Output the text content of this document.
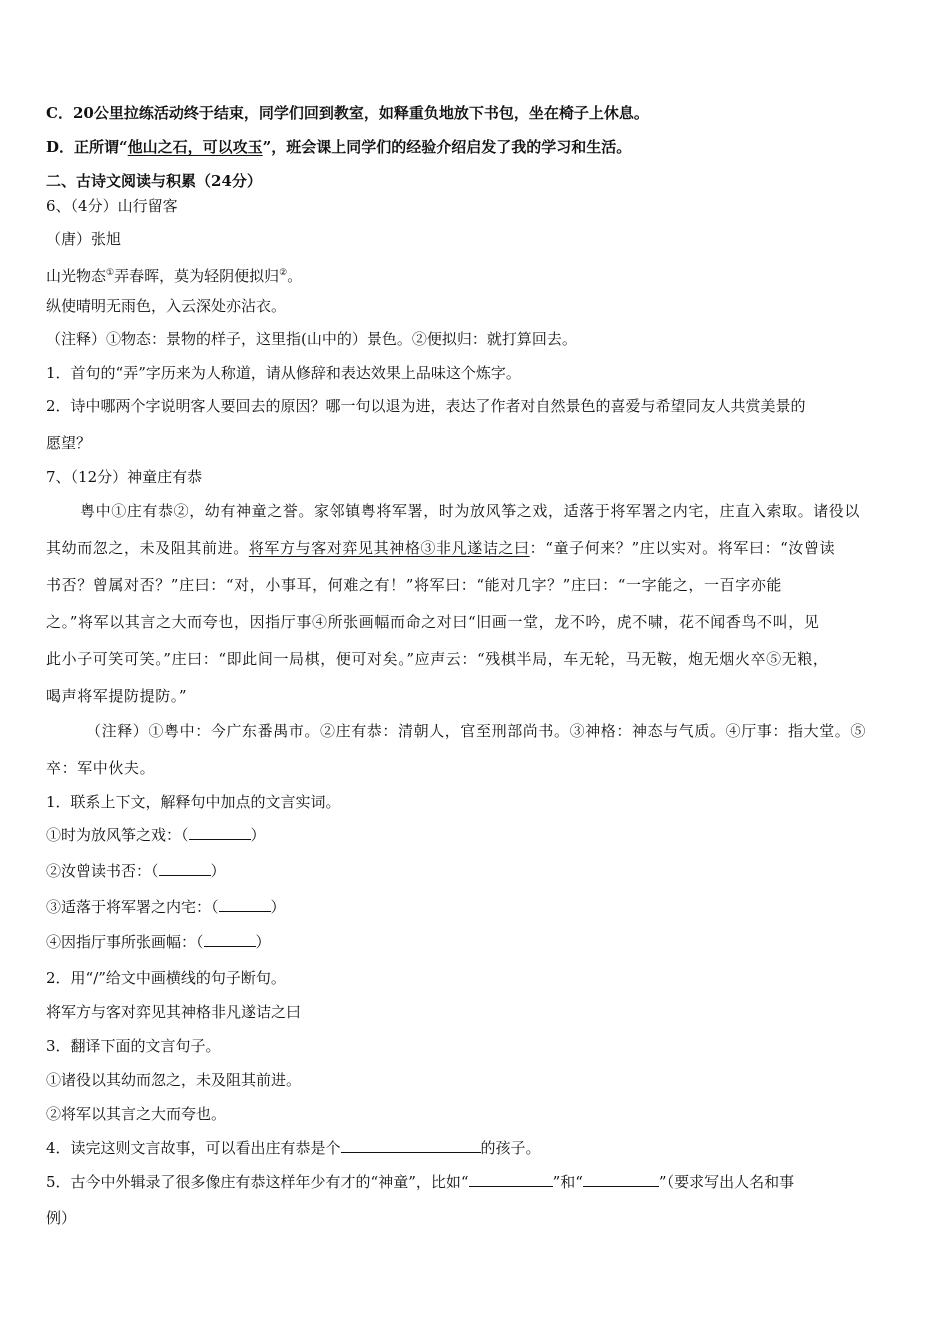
C．20公里拉练活动终于结束，同学们回到教室，如释重负地放下书包，坐在椅子上休息。
D．正所谓“他山之石，可以攻玉”，班会课上同学们的经验介绍启发了我的学习和生活。
二、古诗文阅读与积累（24分）
6、（4分）山行留客
（唐）张旭
山光物态①弄春晖，莫为轻阴便拟归②。
纵使晴明无雨色，入云深处亦沾衣。
（注释）①物态：景物的样子，这里指(山中的）景色。②便拟归：就打算回去。
1．首句的“弄”字历来为人称道，请从修辞和表达效果上品味这个炼字。
2．诗中哪两个字说明客人要回去的原因？哪一句以退为进，表达了作者对自然景色的喜爱与希望同友人共赏美景的
愿望？
7、（12分）神童庄有恭
粤中①庄有恭②，幼有神童之誉。家邻镇粤将军署，时为放风筝之戏，适落于将军署之内宅，庄直入索取。诸役以
其幼而忽之，未及阻其前进。将军方与客对弈见其神格③非凡遂诘之曰：“童子何来？”庄以实对。将军曰：“汝曾读
书否？曾属对否？”庄曰：“对，小事耳，何难之有！”将军曰：“能对几字？”庄曰：“一字能之，一百字亦能
之。”将军以其言之大而夸也，因指厅事④所张画幅而命之对曰“旧画一堂，龙不吟，虎不啸，花不闻香鸟不叫，见
此小子可笑可笑。”庄曰：“即此间一局棋，便可对矣。”应声云：“残棋半局，车无轮，马无鞍，炮无烟火卒⑤无粮，
喝声将军提防提防。”
（注释）①粤中：今广东番禺市。②庄有恭：清朝人，官至刑部尚书。③神格：神态与气质。④厅事：指大堂。⑤
卒：军中伙夫。
1．联系上下文，解释句中加点的文言实词。
①时为放风筝之戏：（	）
②汝曾读书否：（	）
③适落于将军署之内宅：（	）
④因指厅事所张画幅：（	）
2．用“/”给文中画横线的句子断句。
将军方与客对弈见其神格非凡遂诘之曰
3．翻译下面的文言句子。
①诸役以其幼而忽之，未及阻其前进。
②将军以其言之大而夸也。
4．读完这则文言故事，可以看出庄有恭是个	的孩子。
5．古今中外辑录了很多像庄有恭这样年少有才的“神童”，比如“	”和“	”（要求写出人名和事
例）
